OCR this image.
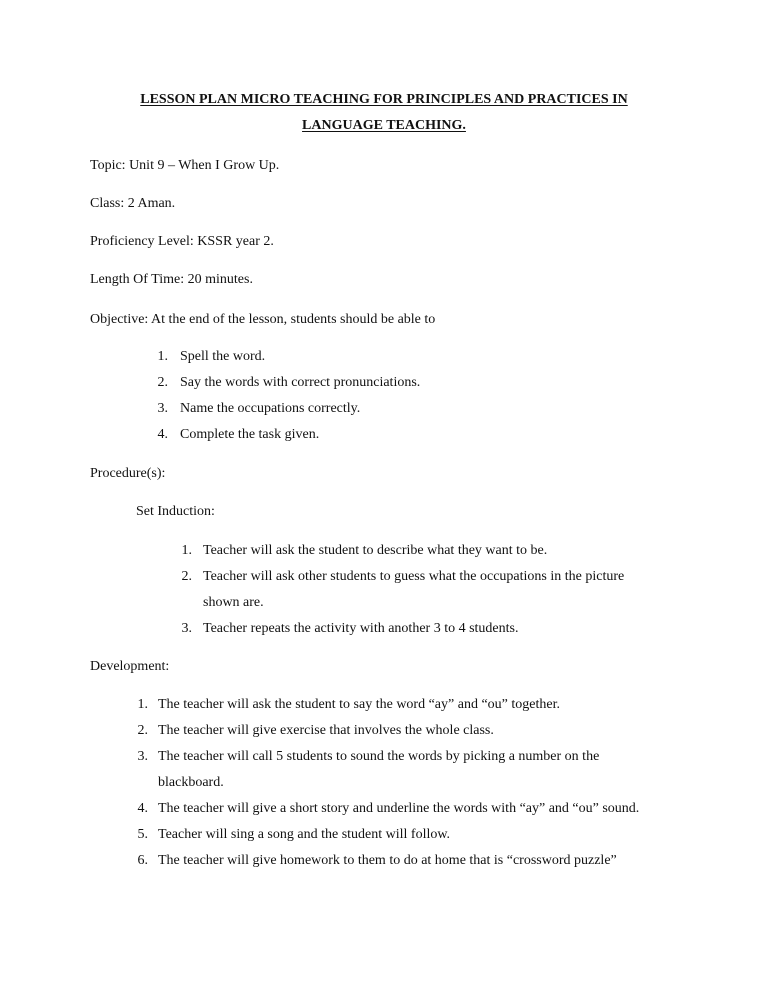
LESSON PLAN MICRO TEACHING FOR PRINCIPLES AND PRACTICES IN
LANGUAGE TEACHING.
Topic: Unit 9 – When I Grow Up.
Class: 2 Aman.
Proficiency Level: KSSR year 2.
Length Of Time: 20 minutes.
Objective: At the end of the lesson, students should be able to
1. Spell the word.
2. Say the words with correct pronunciations.
3. Name the occupations correctly.
4. Complete the task given.
Procedure(s):
Set Induction:
1. Teacher will ask the student to describe what they want to be.
2. Teacher will ask other students to guess what the occupations in the picture
shown are.
3. Teacher repeats the activity with another 3 to 4 students.
Development:
1. The teacher will ask the student to say the word “ay” and “ou” together.
2. The teacher will give exercise that involves the whole class.
3. The teacher will call 5 students to sound the words by picking a number on the
blackboard.
4. The teacher will give a short story and underline the words with “ay” and “ou” sound.
5. Teacher will sing a song and the student will follow.
6. The teacher will give homework to them to do at home that is “crossword puzzle”
